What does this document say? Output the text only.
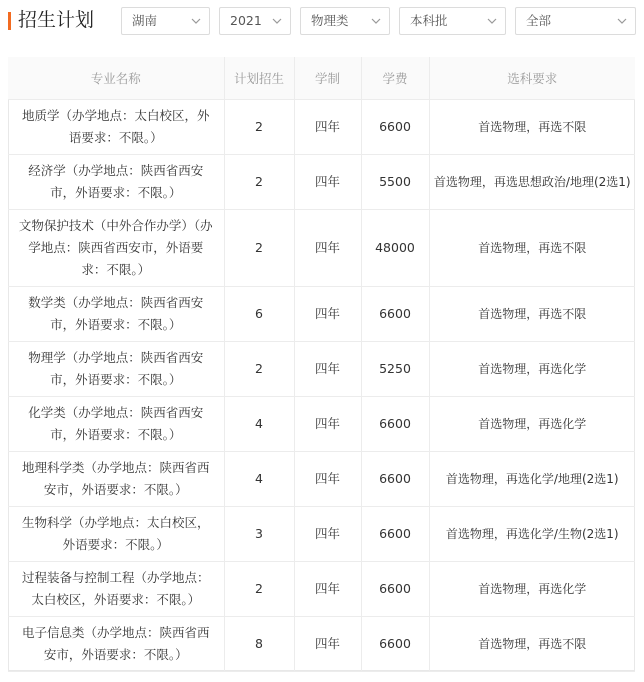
招生计划	湖南	2021	物理类	本科批	全部
专业名称	计划招生	学制	学费	选科要求
地质学（办学地点：太白校区，外语要求：不限。）	2	四年	6600	首选物理，再选不限
经济学（办学地点：陕西省西安市，外语要求：不限。）	2	四年	5500	首选物理，再选思想政治/地理(2选1)
文物保护技术（中外合作办学）（办学地点：陕西省西安市，外语要求：不限。）	2	四年	48000	首选物理，再选不限
数学类（办学地点：陕西省西安市，外语要求：不限。）	6	四年	6600	首选物理，再选不限
物理学（办学地点：陕西省西安市，外语要求：不限。）	2	四年	5250	首选物理，再选化学
化学类（办学地点：陕西省西安市，外语要求：不限。）	4	四年	6600	首选物理，再选化学
地理科学类（办学地点：陕西省西安市，外语要求：不限。）	4	四年	6600	首选物理，再选化学/地理(2选1)
生物科学（办学地点：太白校区，外语要求：不限。）	3	四年	6600	首选物理，再选化学/生物(2选1)
过程装备与控制工程（办学地点：太白校区，外语要求：不限。）	2	四年	6600	首选物理，再选化学
电子信息类（办学地点：陕西省西安市，外语要求：不限。）	8	四年	6600	首选物理，再选不限
